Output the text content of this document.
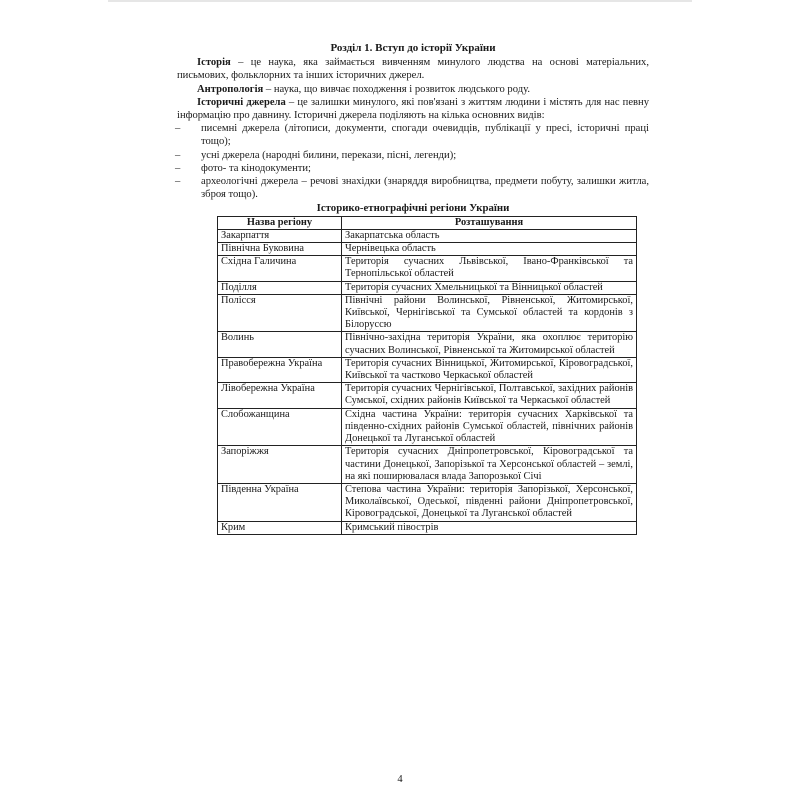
Розділ 1. Вступ до історії України

Історія – це наука, яка займається вивченням минулого людства на основі матеріальних, письмових, фольклорних та інших історичних джерел.

Антропологія – наука, що вивчає походження і розвиток людського роду.

Історичні джерела – це залишки минулого, які пов'язані з життям людини і містять для нас певну інформацію про давнину. Історичні джерела поділяють на кілька основних видів:

– писемні джерела (літописи, документи, спогади очевидців, публікації у пресі, історичні праці тощо);
– усні джерела (народні билини, перекази, пісні, легенди);
– фото- та кінодокументи;
– археологічні джерела – речові знахідки (знаряддя виробництва, предмети побуту, залишки житла, зброя тощо).
Історико-етнографічні регіони України
Назва регіону	Розташування
Закарпаття	Закарпатська область
Північна Буковина	Чернівецька область
Східна Галичина	Територія сучасних Львівської, Івано-Франківської та Тернопільської областей
Поділля	Територія сучасних Хмельницької та Вінницької областей
Полісся	Північні райони Волинської, Рівненської, Житомирської, Київської, Чернігівської та Сумської областей та кордонів з Білоруссю
Волинь	Північно-західна територія України, яка охоплює територію сучасних Волинської, Рівненської та Житомирської областей
Правобережна Україна	Територія сучасних Вінницької, Житомирської, Кіровоградської, Київської та частково Черкаської областей
Лівобережна Україна	Територія сучасних Чернігівської, Полтавської, західних районів Сумської, східних районів Київської та Черкаської областей
Слобожанщина	Східна частина України: територія сучасних Харківської та південно-східних районів Сумської областей, північних районів Донецької та Луганської областей
Запоріжжя	Територія сучасних Дніпропетровської, Кіровоградської та частини Донецької, Запорізької та Херсонської областей – землі, на які поширювалася влада Запорозької Січі
Південна Україна	Степова частина України: територія Запорізької, Херсонської, Миколаївської, Одеської, південні райони Дніпропетровської, Кіровоградської, Донецької та Луганської областей
Крим	Кримський півострів
4
